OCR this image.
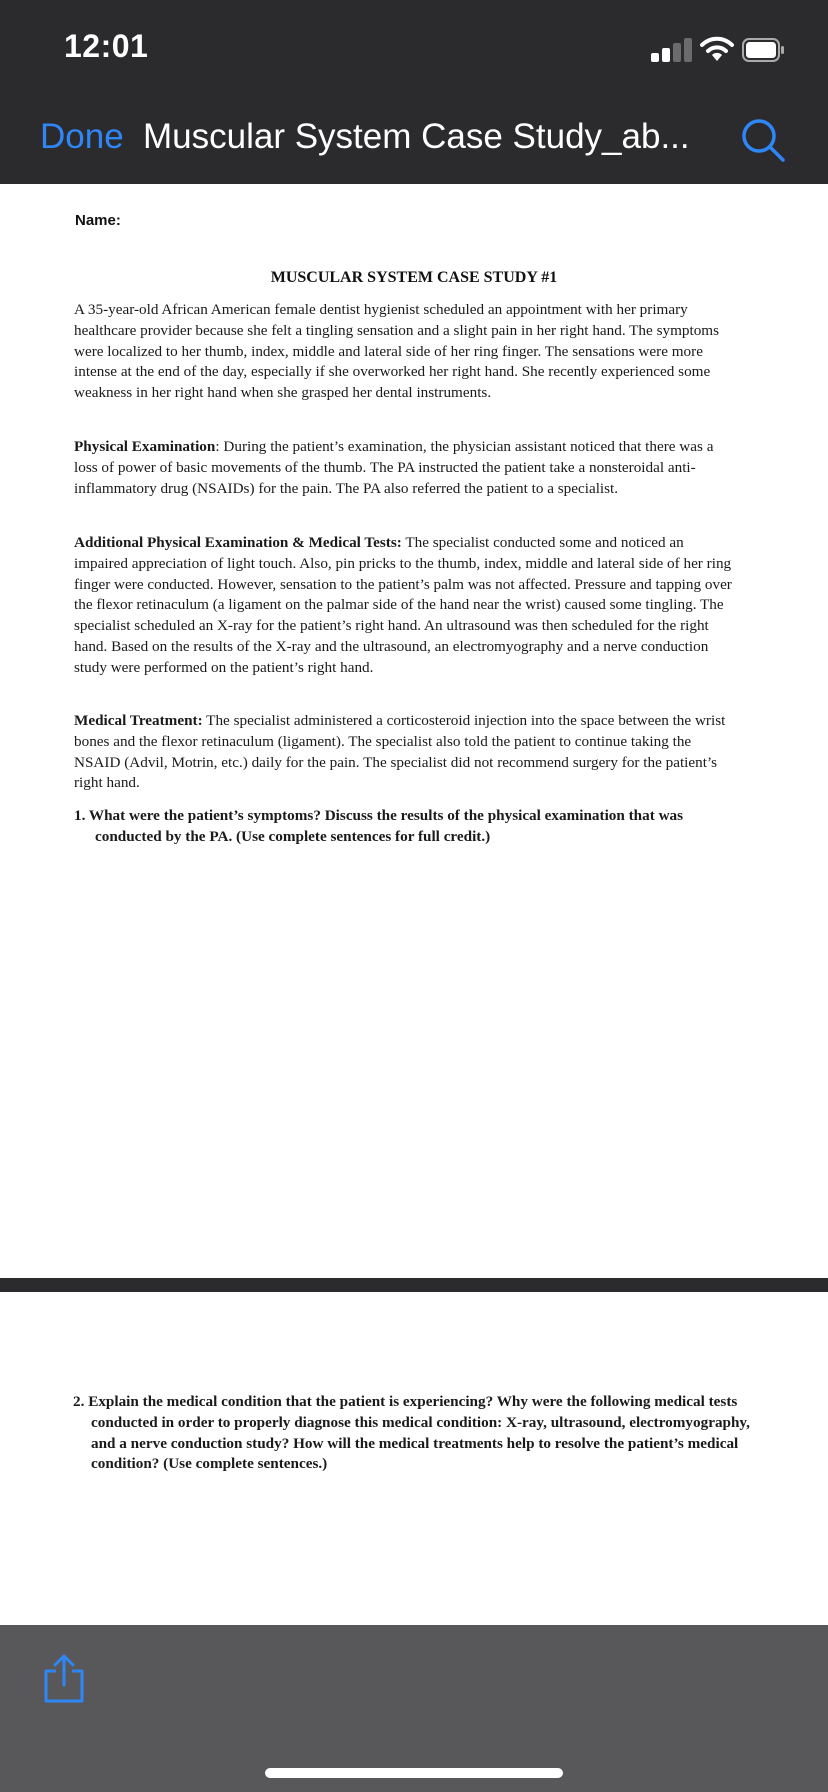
12:01
Done Muscular System Case Study_ab...
Name:
MUSCULAR SYSTEM CASE STUDY #1

A 35-year-old African American female dentist hygienist scheduled an appointment with her primary healthcare provider because she felt a tingling sensation and a slight pain in her right hand. The symptoms were localized to her thumb, index, middle and lateral side of her ring finger. The sensations were more intense at the end of the day, especially if she overworked her right hand. She recently experienced some weakness in her right hand when she grasped her dental instruments.

Physical Examination: During the patient’s examination, the physician assistant noticed that there was a loss of power of basic movements of the thumb. The PA instructed the patient take a nonsteroidal anti-inflammatory drug (NSAIDs) for the pain. The PA also referred the patient to a specialist.

Additional Physical Examination & Medical Tests: The specialist conducted some and noticed an impaired appreciation of light touch. Also, pin pricks to the thumb, index, middle and lateral side of her ring finger were conducted. However, sensation to the patient’s palm was not affected. Pressure and tapping over the flexor retinaculum (a ligament on the palmar side of the hand near the wrist) caused some tingling. The specialist scheduled an X-ray for the patient’s right hand. An ultrasound was then scheduled for the right hand. Based on the results of the X-ray and the ultrasound, an electromyography and a nerve conduction study were performed on the patient’s right hand.

Medical Treatment: The specialist administered a corticosteroid injection into the space between the wrist bones and the flexor retinaculum (ligament). The specialist also told the patient to continue taking the NSAID (Advil, Motrin, etc.) daily for the pain. The specialist did not recommend surgery for the patient’s right hand.

1. What were the patient’s symptoms? Discuss the results of the physical examination that was conducted by the PA. (Use complete sentences for full credit.)

2. Explain the medical condition that the patient is experiencing? Why were the following medical tests conducted in order to properly diagnose this medical condition: X-ray, ultrasound, electromyography, and a nerve conduction study? How will the medical treatments help to resolve the patient’s medical condition? (Use complete sentences.)
